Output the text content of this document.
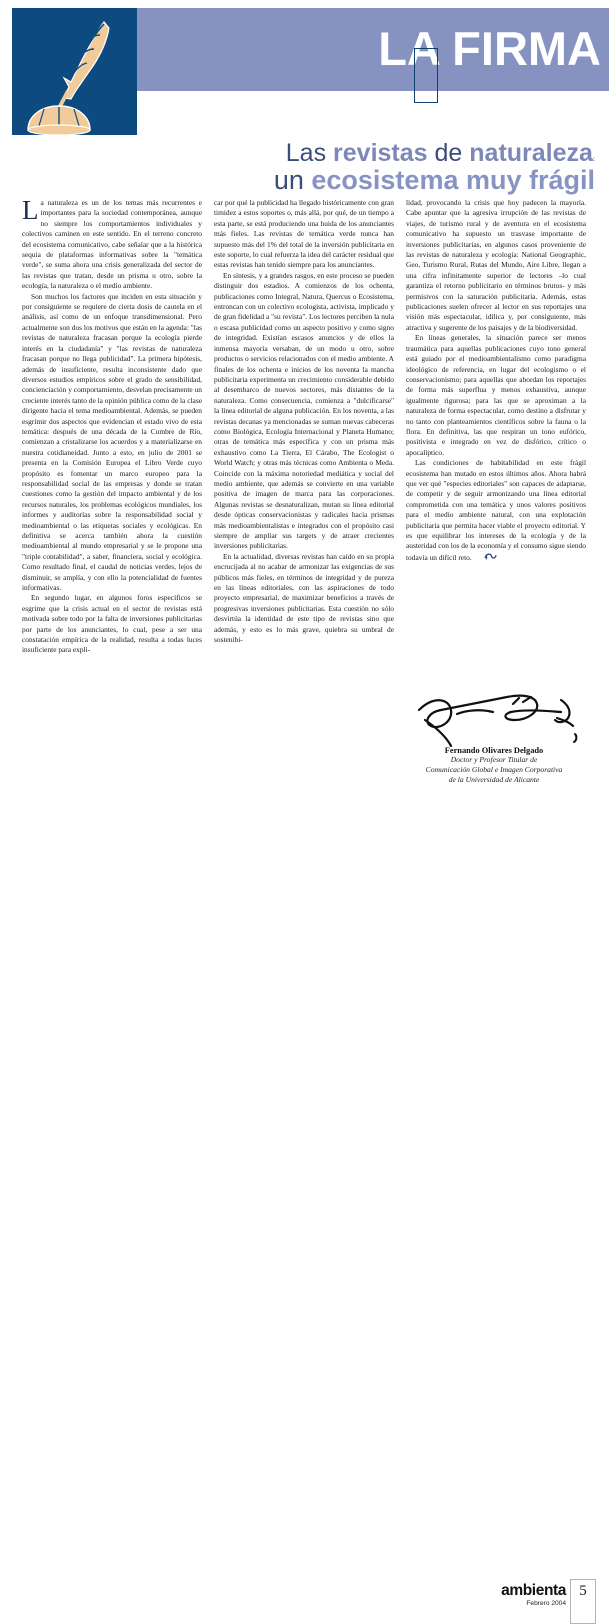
LA FIRMA
Las revistas de naturaleza:
un ecosistema muy frágil

La naturaleza es un de los temas más recurrentes e importantes para la sociedad contemporánea, aunque no siempre los comportamientos individuales y colectivos caminen en este sentido. En el terreno concreto del ecosistema comunicativo, cabe señalar que a la histórica sequia de plataformas informativas sobre la "temática verde", se suma ahora una crisis generalizada del sector de las revistas que tratan, desde un prisma u otro, sobre la ecología, la naturaleza o el medio ambiente.

Son muchos los factores que inciden en esta situación y por consiguiente se requiere de cierta dosis de cautela en el análisis, así como de un enfoque transdimensional. Pero actualmente son dos los motivos que están en la agenda: "las revistas de naturaleza fracasan porque la ecología pierde interés en la ciudadanía" y "las revistas de naturaleza fracasan porque no llega publicidad". La primera hipótesis, además de insuficiente, resulta inconsistente dado que diversos estudios empíricos sobre el grado de sensibilidad, concienciación y comportamiento, desvelan precisamente un creciente interés tanto de la opinión pública como de la clase dirigente hacia el tema medioambiental. Además, se pueden esgrimir dos aspectos que evidencian el estado vivo de esta temática: después de una década de la Cumbre de Río, comienzan a cristalizarse los acuerdos y a materializarse en nuestra cotidianeidad. Junto a esto, en julio de 2001 se presenta en la Comisión Europea el Libro Verde cuyo propósito es fomentar un marco europeo para la responsabilidad social de las empresas y donde se tratan cuestiones como la gestión del impacto ambiental y de los recursos naturales, los problemas ecológicos mundiales, los informes y auditorías sobre la responsabilidad social y medioambiental o las etiquetas sociales y ecológicas. En definitiva se acerca también ahora la cuestión medioambiental al mundo empresarial y se le propone una "triple contabilidad", a saber, financiera, social y ecológica. Como resultado final, el caudal de noticias verdes, lejos de disminuir, se amplía, y con ello la potencialidad de fuentes informativas.

En segundo lugar, en algunos foros específicos se esgrime que la crisis actual en el sector de revistas está motivada sobre todo por la falta de inversiones publicitarias por parte de los anunciantes, lo cual, pese a ser una constatación empírica de la realidad, resulta a todas luces insuficiente para expli-

car por qué la publicidad ha llegado históricamente con gran timidez a estos soportes o, más allá, por qué, de un tiempo a esta parte, se está produciendo una huida de los anunciantes más fieles. Las revistas de temática verde nunca han supuesto más del 1% del total de la inversión publicitaria en este soporte, lo cual refuerza la idea del carácter residual que estas revistas han tenido siempre para los anunciantes.

En síntesis, y a grandes rasgos, en este proceso se pueden distinguir dos estadios. A comienzos de los ochenta, publicaciones como Integral, Natura, Quercus o Ecosistema, entroncan con un colectivo ecologista, activista, implicado y de gran fidelidad a "su revista". Los lectores perciben la nula o escasa publicidad como un aspecto positivo y como signo de integridad. Existían escasos anuncios y de ellos la inmensa mayoría versaban, de un modo u otro, sobre productos o servicios relacionados con el medio ambiente. A finales de los ochenta e inicios de los noventa la mancha publicitaria experimenta un crecimiento considerable debido al desembarco de nuevos sectores, más distantes de la naturaleza. Como consecuencia, comienza a "dulcificarse" la línea editorial de alguna publicación. En los noventa, a las revistas decanas ya mencionadas se suman nuevas cabeceras como Biológica, Ecología Internacional y Planeta Humano; otras de temática más específica y con un prisma más exhaustivo como La Tierra, El Cárabo, The Ecologist o World Watch; y otras más técnicas como Ambienta o Meda. Coincide con la máxima notoriedad mediática y social del medio ambiente, que además se convierte en una variable positiva de imagen de marca para las corporaciones. Algunas revistas se desnaturalizan, mutan su línea editorial desde ópticas conservacionistas y radicales hacia prismas más medioambientalistas e integrados con el propósito casi siempre de ampliar sus targets y de atraer crecientes inversiones publicitarias.

En la actualidad, diversas revistas han caído en su propia encrucijada al no acabar de armonizar las exigencias de sus públicos más fieles, en términos de integridad y de pureza en las líneas editoriales, con las aspiraciones de todo proyecto empresarial, de maximizar beneficios a través de progresivas inversiones publicitarias. Esta cuestión no sólo desvirtúa la identidad de este tipo de revistas sino que además, y esto es lo más grave, quiebra su umbral de sostenibi-

lidad, provocando la crisis que hoy padecen la mayoría. Cabe apuntar que la agresiva irrupción de las revistas de viajes, de turismo rural y de aventura en el ecosistema comunicativo ha supuesto un trasvase importante de inversiones publicitarias, en algunos casos proveniente de las revistas de naturaleza y ecología: National Geographic, Geo, Turismo Rural, Rutas del Mundo, Aire Libre, llegan a una cifra infinitamente superior de lectores –lo cual garantiza el retorno publicitario en términos brutos- y más permisivos con la saturación publicitaria. Además, estas publicaciones suelen ofrecer al lector en sus reportajes una visión más espectacular, idílica y, por consiguiente, más atractiva y sugerente de los paisajes y de la biodiversidad.

En líneas generales, la situación parece ser menos traumática para aquellas publicaciones cuyo tono general está guiado por el medioambientalismo como paradigma ideológico de referencia, en lugar del ecologismo o el conservacionismo; para aquellas que abordan los reportajes de forma más superflua y menos exhaustiva, aunque igualmente rigurosa; para las que se aproximan a la naturaleza de forma espectacular, como destino a disfrutar y no tanto con planteamientos científicos sobre la fauna o la flora. En definitiva, las que respiran un tono eufórico, positivista e integrado en vez de disfórico, crítico o apocalíptico.

Las condiciones de habitabilidad en este frágil ecosistema han mutado en estos últimos años. Ahora habrá que ver qué "especies editoriales" son capaces de adaptarse, de competir y de seguir armonizando una línea editorial comprometida con una temática y unos valores positivos para el medio ambiente natural, con una explotación publicitaria que permita hacer viable el proyecto editorial. Y es que equilibrar los intereses de la ecología y de la austeridad con los de la economía y el consumo sigue siendo todavía un difícil reto.

Fernando Olivares Delgado
Doctor y Profesor Titular de
Comunicación Global e Imagen Corporativa
de la Universidad de Alicante
ambienta
Febrero 2004
5
